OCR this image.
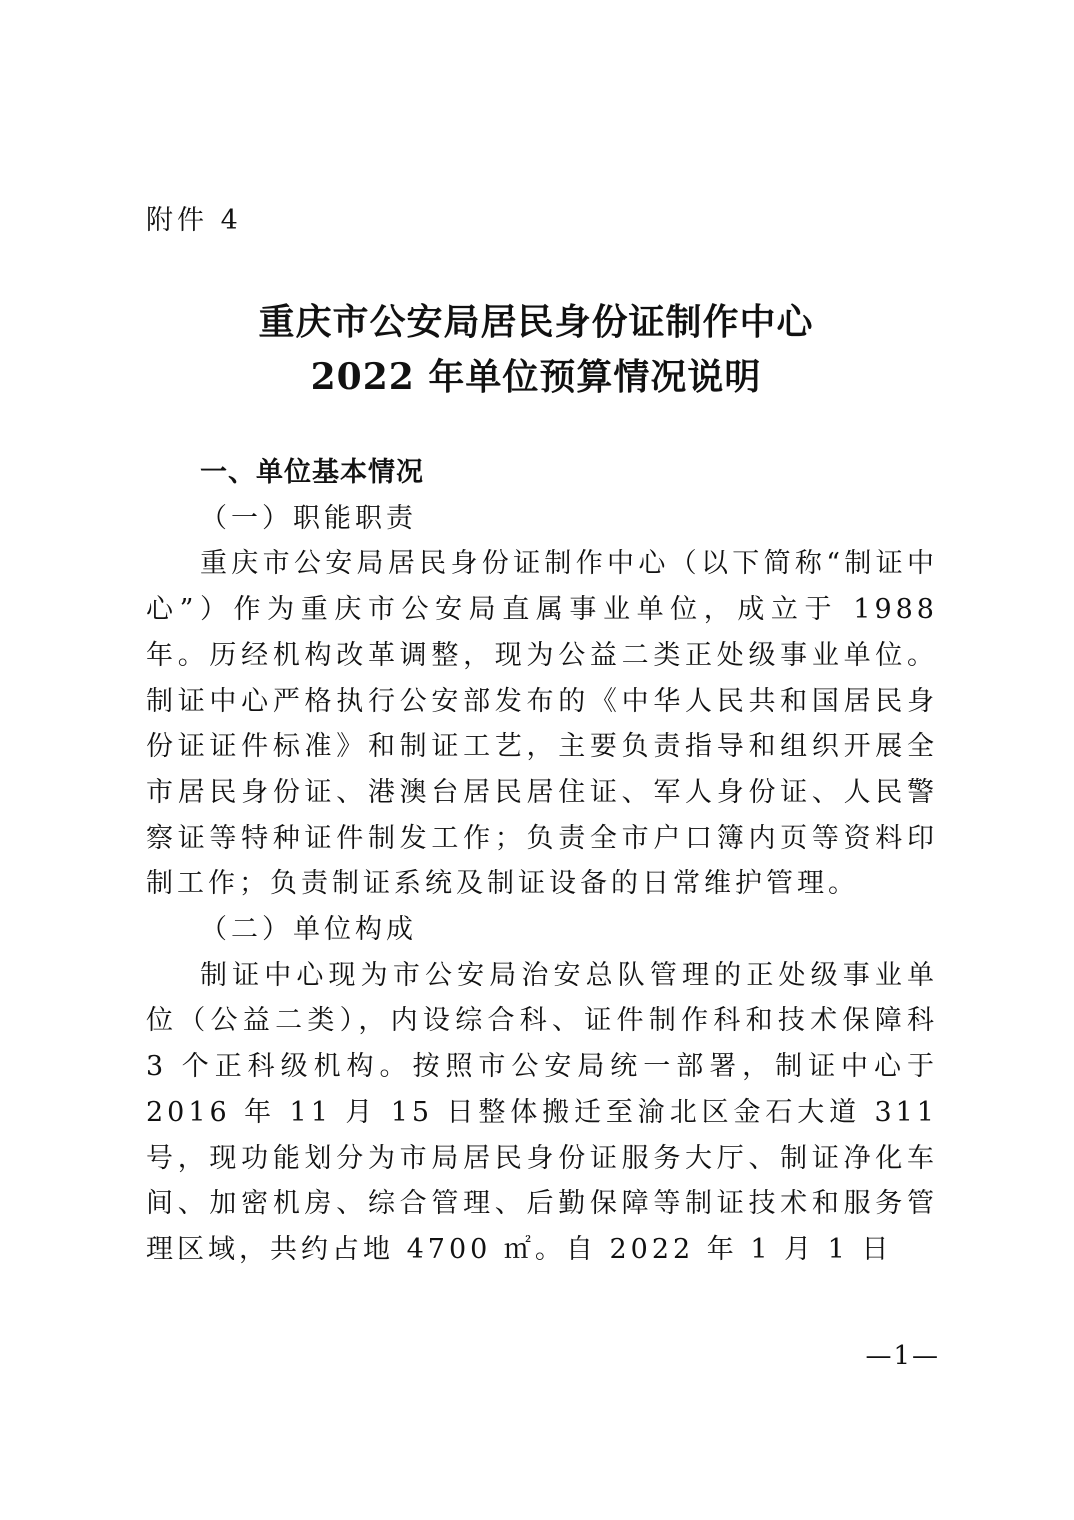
附件 4
重庆市公安局居民身份证制作中心
2022 年单位预算情况说明
一、单位基本情况
（一）职能职责
重庆市公安局居民身份证制作中心（以下简称“制证中心”）作为重庆市公安局直属事业单位，成立于 1988 年。历经机构改革调整，现为公益二类正处级事业单位。制证中心严格执行公安部发布的《中华人民共和国居民身份证证件标准》和制证工艺，主要负责指导和组织开展全市居民身份证、港澳台居民居住证、军人身份证、人民警察证等特种证件制发工作；负责全市户口簿内页等资料印制工作；负责制证系统及制证设备的日常维护管理。
（二）单位构成
制证中心现为市公安局治安总队管理的正处级事业单位（公益二类），内设综合科、证件制作科和技术保障科 3 个正科级机构。按照市公安局统一部署，制证中心于 2016 年 11 月 15 日整体搬迁至渝北区金石大道 311 号，现功能划分为市局居民身份证服务大厅、制证净化车间、加密机房、综合管理、后勤保障等制证技术和服务管理区域，共约占地 4700 ㎡。自 2022 年 1 月 1 日
—1—
